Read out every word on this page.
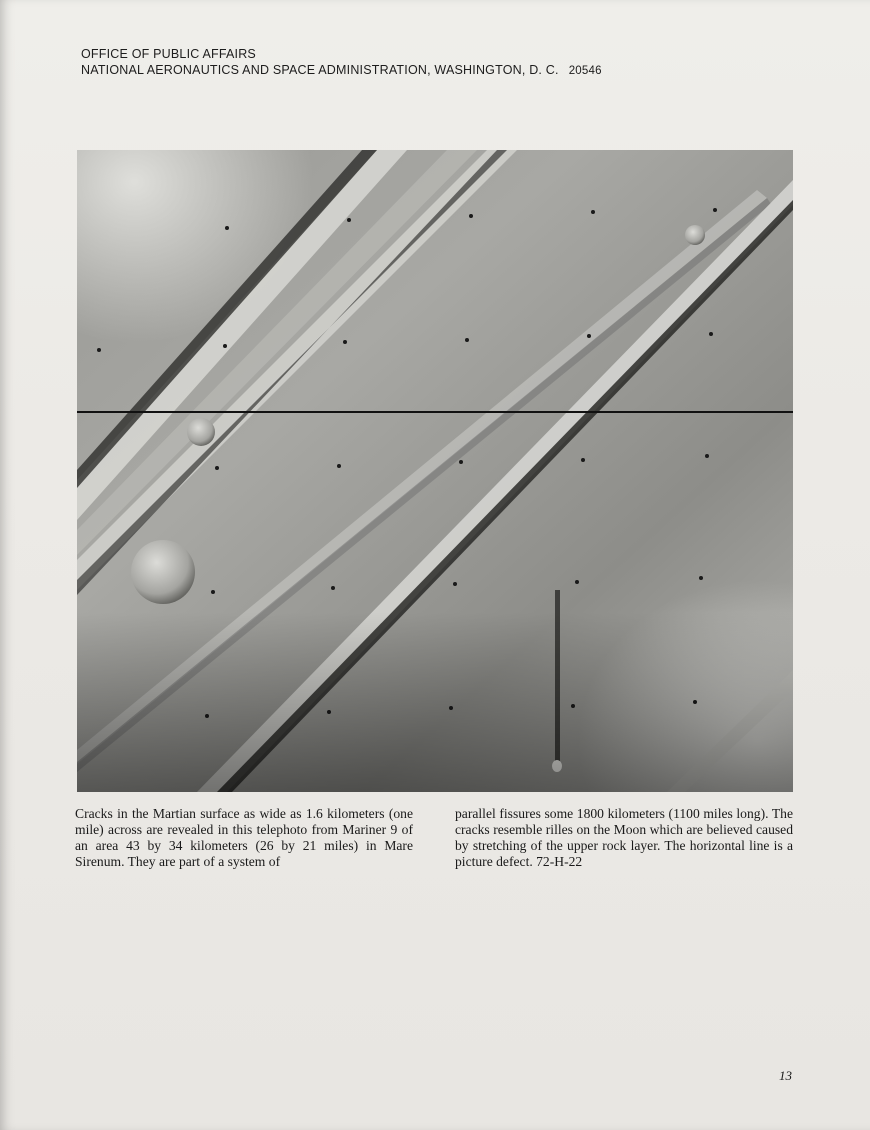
OFFICE OF PUBLIC AFFAIRS
NATIONAL AERONAUTICS AND SPACE ADMINISTRATION, WASHINGTON, D. C. 20546
Cracks in the Martian surface as wide as 1.6 kilometers (one mile) across are revealed in this telephoto from Mariner 9 of an area 43 by 34 kilometers (26 by 21 miles) in Mare Sirenum. They are part of a system of
parallel fissures some 1800 kilometers (1100 miles long). The cracks resemble rilles on the Moon which are believed caused by stretching of the upper rock layer. The horizontal line is a picture defect. 72-H-22
13
